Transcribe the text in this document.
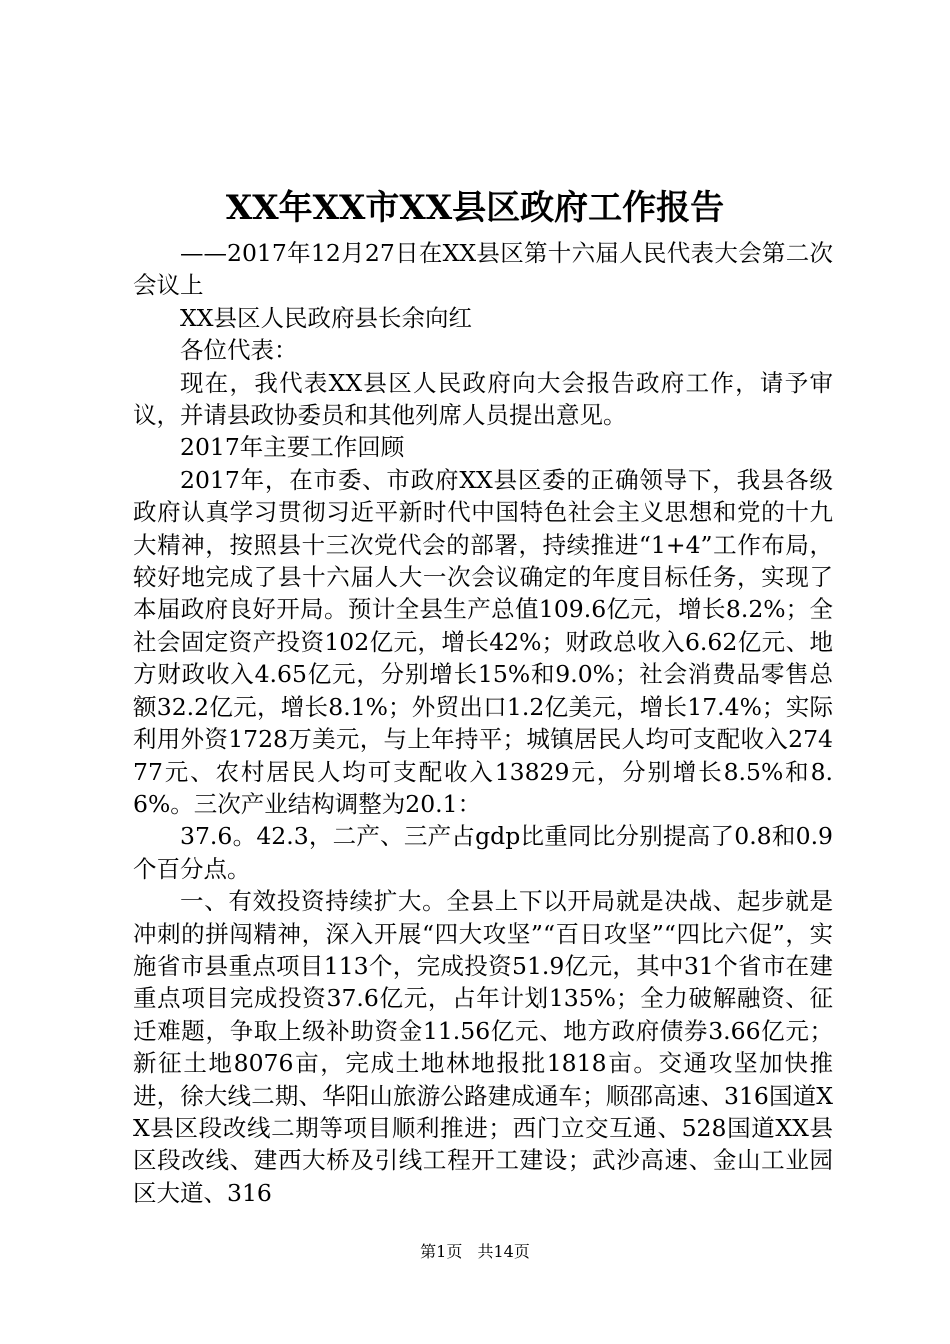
XX年XX市XX县区政府工作报告

——2017年12月27日在XX县区第十六届人民代表大会第二次会议上

XX县区人民政府县长余向红

各位代表：

现在，我代表XX县区人民政府向大会报告政府工作，请予审议，并请县政协委员和其他列席人员提出意见。

2017年主要工作回顾

2017年，在市委、市政府XX县区委的正确领导下，我县各级政府认真学习贯彻习近平新时代中国特色社会主义思想和党的十九大精神，按照县十三次党代会的部署，持续推进“1+4”工作布局，较好地完成了县十六届人大一次会议确定的年度目标任务，实现了本届政府良好开局。预计全县生产总值109.6亿元，增长8.2%；全社会固定资产投资102亿元，增长42%；财政总收入6.62亿元、地方财政收入4.65亿元，分别增长15%和9.0%；社会消费品零售总额32.2亿元，增长8.1%；外贸出口1.2亿美元，增长17.4%；实际利用外资1728万美元，与上年持平；城镇居民人均可支配收入27477元、农村居民人均可支配收入13829元，分别增长8.5%和8.6%。三次产业结构调整为20.1：

37.6。42.3，二产、三产占gdp比重同比分别提高了0.8和0.9个百分点。

一、有效投资持续扩大。全县上下以开局就是决战、起步就是冲刺的拼闯精神，深入开展“四大攻坚”“百日攻坚”“四比六促”，实施省市县重点项目113个，完成投资51.9亿元，其中31个省市在建重点项目完成投资37.6亿元，占年计划135%；全力破解融资、征迁难题，争取上级补助资金11.56亿元、地方政府债券3.66亿元；新征土地8076亩，完成土地林地报批1818亩。交通攻坚加快推进，徐大线二期、华阳山旅游公路建成通车；顺邵高速、316国道XX县区段改线二期等项目顺利推进；西门立交互通、528国道XX县区段改线、建西大桥及引线工程开工建设；武沙高速、金山工业园区大道、316

第1页 共14页
